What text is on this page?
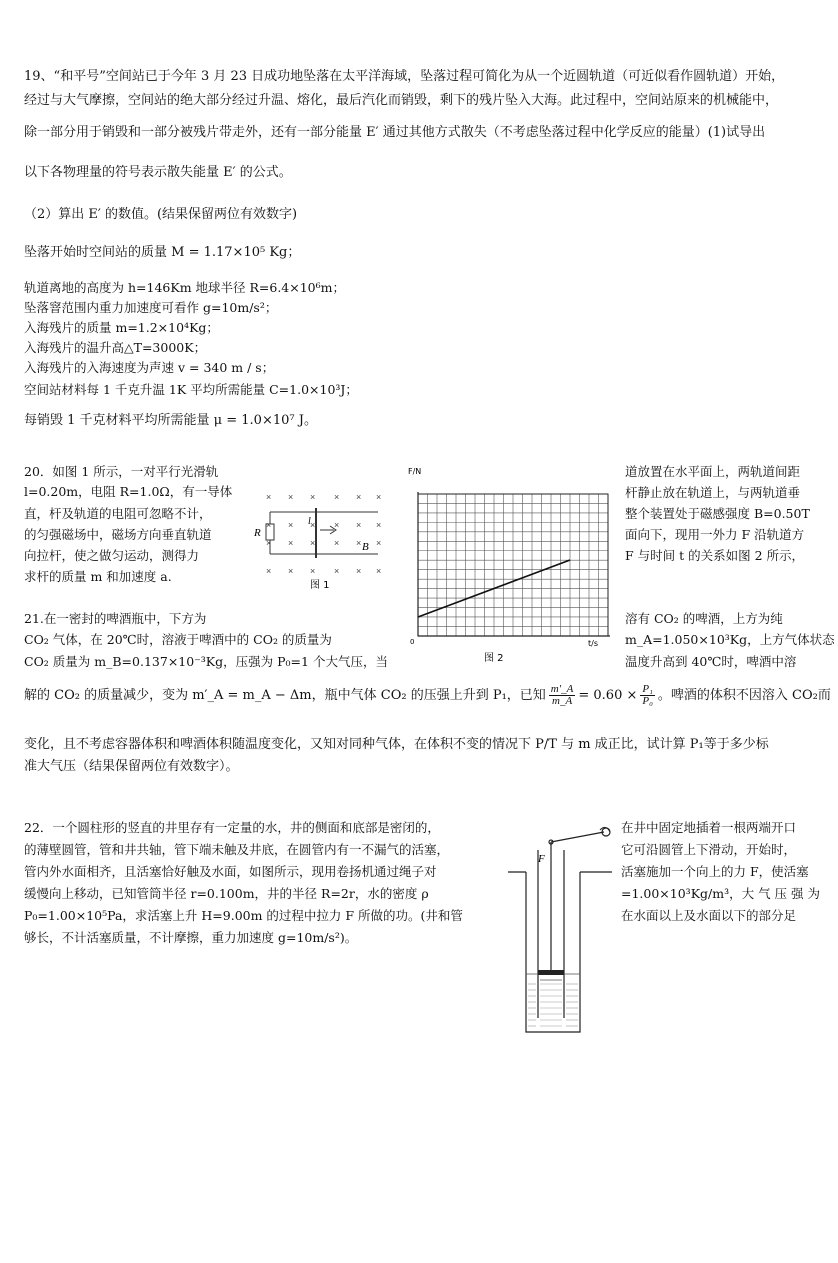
19、“和平号”空间站已于今年 3 月 23 日成功地坠落在太平洋海域，坠落过程可简化为从一个近圆轨道（可近似看作圆轨道）开始，
经过与大气摩擦，空间站的绝大部分经过升温、熔化，最后汽化而销毁，剩下的残片坠入大海。此过程中，空间站原来的机械能中，
除一部分用于销毁和一部分被残片带走外，还有一部分能量 E′ 通过其他方式散失（不考虑坠落过程中化学反应的能量）(1)试导出
以下各物理量的符号表示散失能量 E′ 的公式。
（2）算出 E′ 的数值。(结果保留两位有效数字)
坠落开始时空间站的质量 M = 1.17×10⁵ Kg；
轨道离地的高度为 h=146Km 地球半径 R=6.4×10⁶m；
坠落窨范围内重力加速度可看作 g=10m/s²；
入海残片的质量 m=1.2×10⁴Kg；
入海残片的温升高△T=3000K；
入海残片的入海速度为声速 v = 340 m / s；
空间站材料每 1 千克升温 1K 平均所需能量 C=1.0×10³J；
每销毁 1 千克材料平均所需能量 μ = 1.0×10⁷ J。
20．如图 1 所示，一对平行光滑轨
l=0.20m，电阻 R=1.0Ω，有一导体
直，杆及轨道的电阻可忽略不计，
的匀强磁场中，磁场方向垂直轨道
向拉杆，使之做匀运动，测得力
求杆的质量 m 和加速度 a.
道放置在水平面上，两轨道间距
杆静止放在轨道上，与两轨道垂
整个装置处于磁感强度 B=0.50T
面向下，现用一外力 F 沿轨道方
F 与时间 t 的关系如图 2 所示，
× × × × × ×
× × × × × ×
× × × × × ×
× × × × × ×
R
l
B
图 1
F/N
t/s
0
图 2
21.在一密封的啤酒瓶中，下方为
CO₂ 气体，在 20℃时，溶液于啤酒中的 CO₂ 的质量为
CO₂ 质量为 m_B=0.137×10⁻³Kg，压强为 P₀=1 个大气压，当
溶有 CO₂ 的啤酒，上方为纯
m_A=1.050×10³Kg，上方气体状态
温度升高到 40℃时，啤酒中溶
解的 CO₂ 的质量减少，变为 m′_A = m_A − Δm，瓶中气体 CO₂ 的压强上升到 P₁，已知 $\frac{m'\_A}{m\_A} = 0.60 \times \frac{\text{P₁}}{\text{P₀}}$ 。啤酒的体积不因溶入 CO₂而
变化，且不考虑容器体积和啤酒体积随温度变化，又知对同种气体，在体积不变的情况下 P/T 与 m 成正比，试计算 P₁等于多少标
准大气压（结果保留两位有效数字）。
22．一个圆柱形的竖直的井里存有一定量的水，井的侧面和底部是密闭的，
的薄壁圆管，管和井共轴，管下端未触及井底，在圆管内有一不漏气的活塞，
管内外水面相齐，且活塞恰好触及水面，如图所示，现用卷扬机通过绳子对
缓慢向上移动，已知管筒半径 r=0.100m，井的半径 R=2r，水的密度 ρ
P₀=1.00×10⁵Pa，求活塞上升 H=9.00m 的过程中拉力 F 所做的功。(井和管
够长，不计活塞质量，不计摩擦，重力加速度 g=10m/s²)。
在井中固定地插着一根两端开口
它可沿圆管上下滑动，开始时，
活塞施加一个向上的力 F，使活塞
=1.00×10³Kg/m³，大 气 压 强 为
在水面以上及水面以下的部分足
F
